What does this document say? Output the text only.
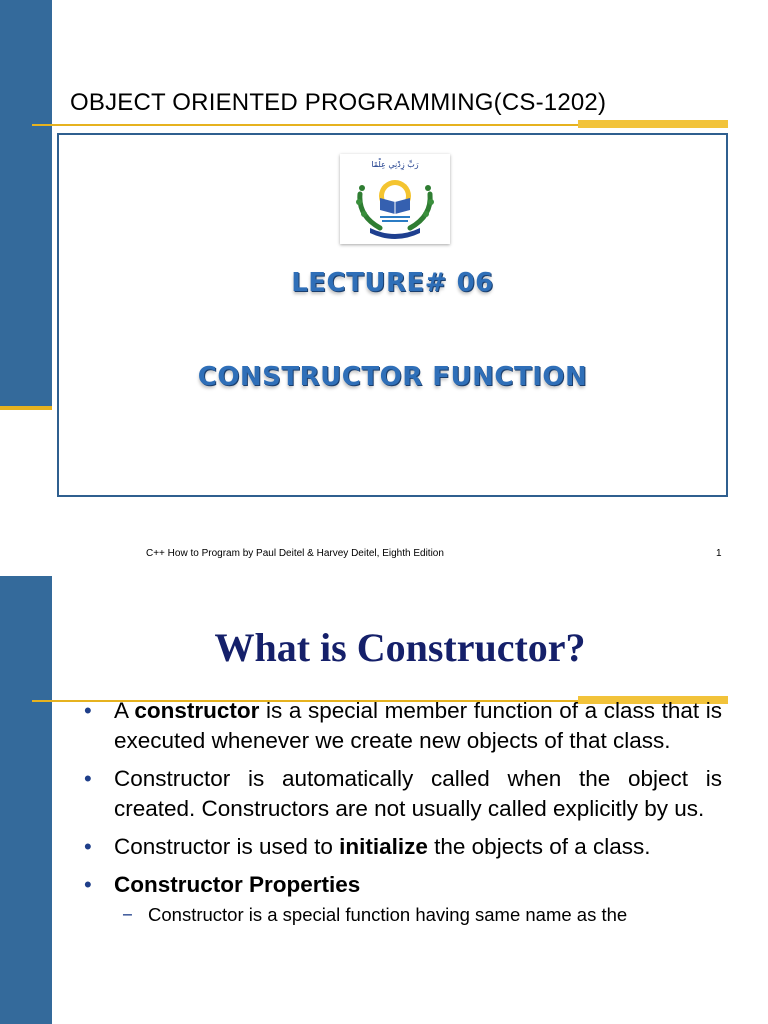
OBJECT ORIENTED PROGRAMMING(CS-1202)
رَبِّ زِدْنِي عِلْمًا
LECTURE# 06
CONSTRUCTOR FUNCTION
C++ How to Program by Paul Deitel & Harvey Deitel, Eighth Edition	1
What is Constructor?
• A constructor is a special member function of a class that is executed whenever we create new objects of that class.
• Constructor is automatically called when the object is created. Constructors are not usually called explicitly by us.
• Constructor is used to initialize the objects of a class.
• Constructor Properties
− Constructor is a special function having same name as the
